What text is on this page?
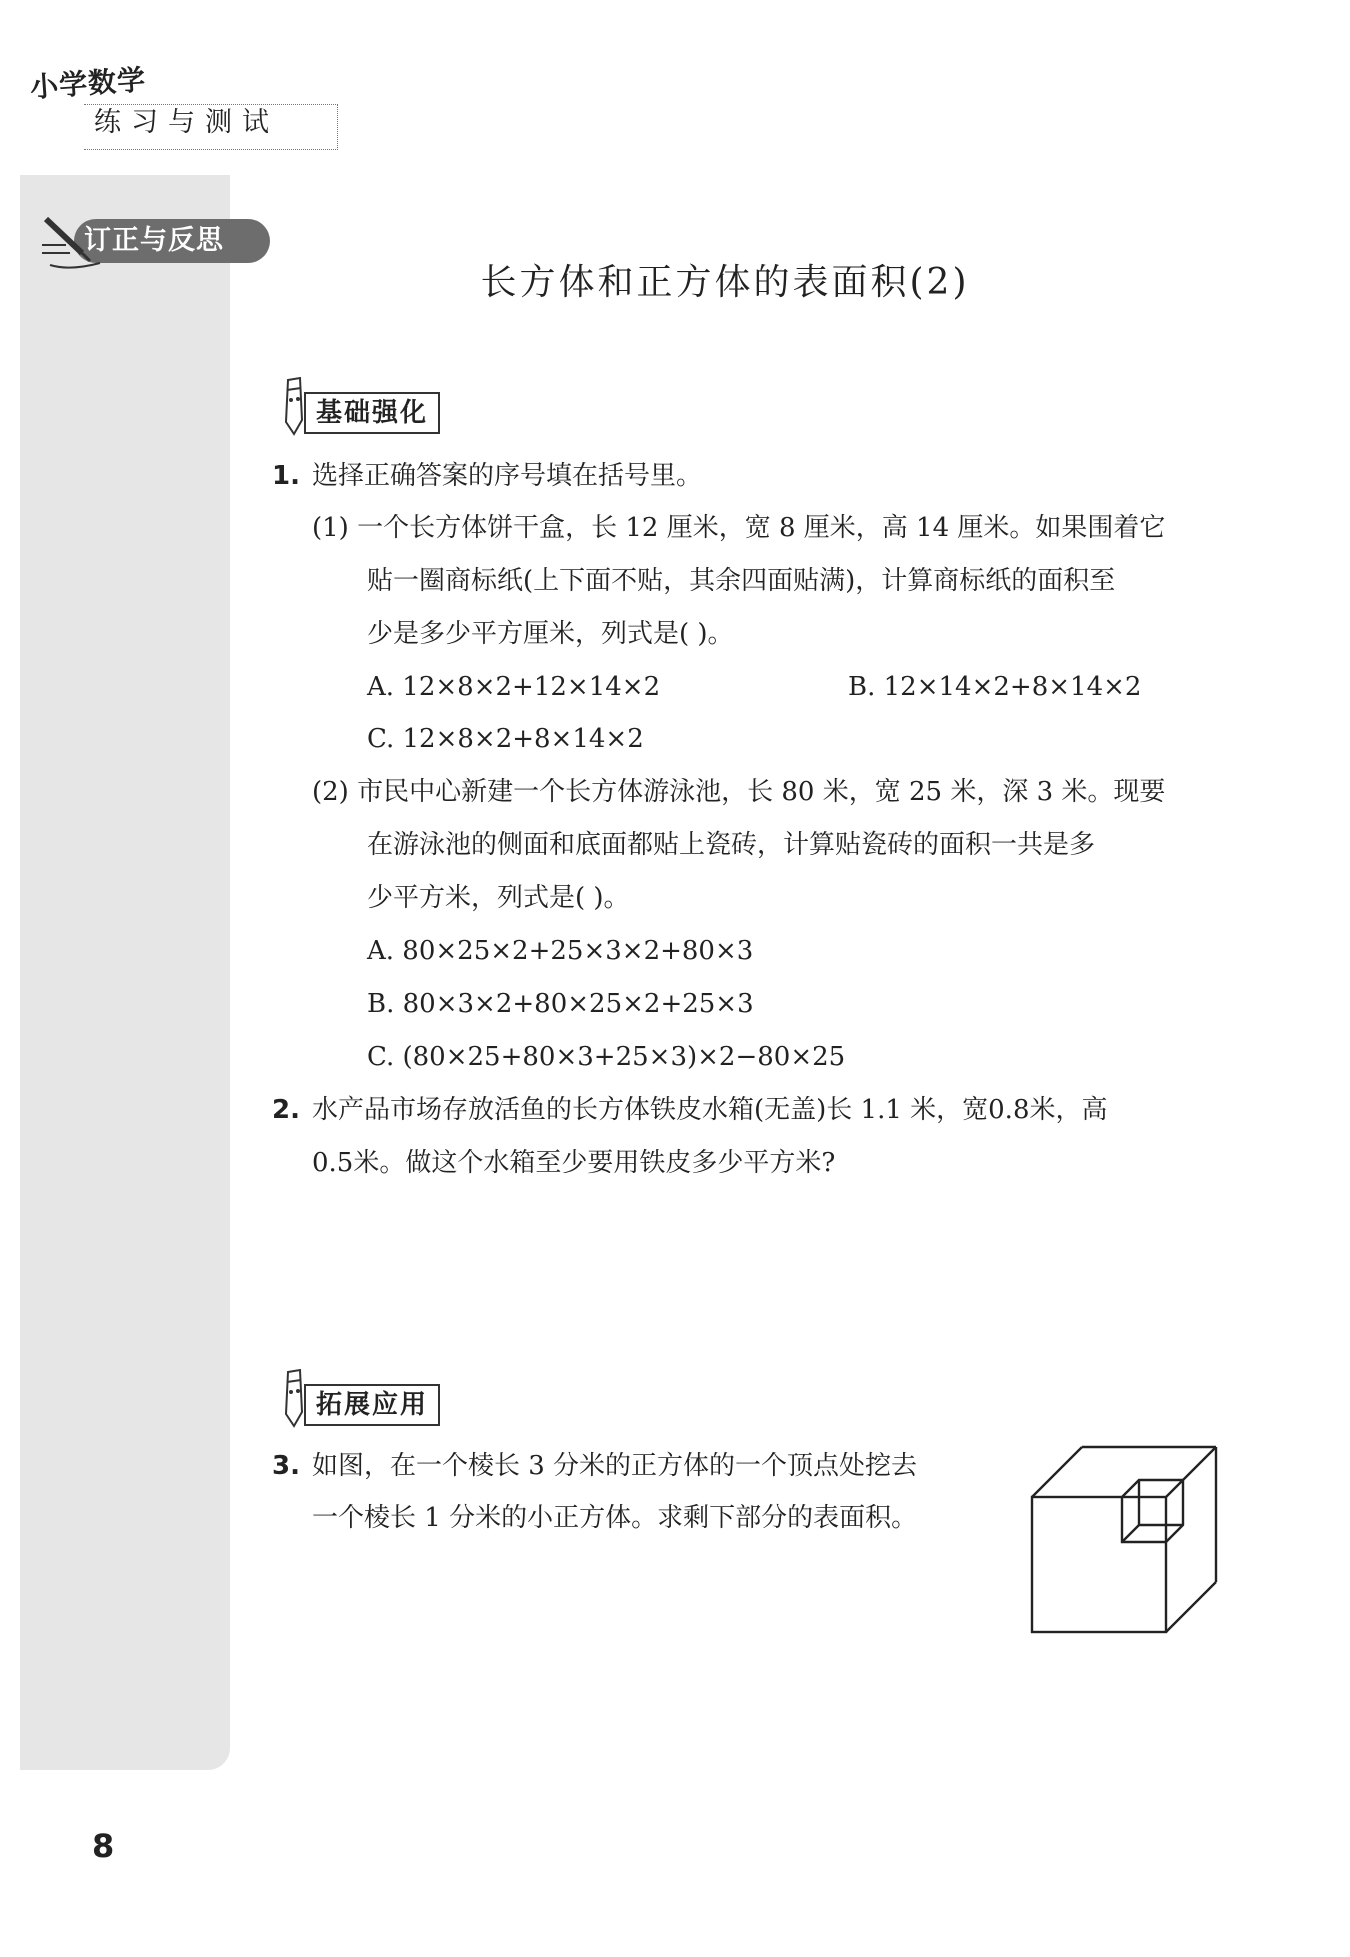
小学数学
练习与测试
订正与反思
长方体和正方体的表面积(2)
基础强化
1. 选择正确答案的序号填在括号里。
(1) 一个长方体饼干盒，长 12 厘米，宽 8 厘米，高 14 厘米。如果围着它
贴一圈商标纸(上下面不贴，其余四面贴满)，计算商标纸的面积至
少是多少平方厘米，列式是( )。
A. 12×8×2+12×14×2	B. 12×14×2+8×14×2
C. 12×8×2+8×14×2
(2) 市民中心新建一个长方体游泳池，长 80 米，宽 25 米，深 3 米。现要
在游泳池的侧面和底面都贴上瓷砖，计算贴瓷砖的面积一共是多
少平方米，列式是( )。
A. 80×25×2+25×3×2+80×3
B. 80×3×2+80×25×2+25×3
C. (80×25+80×3+25×3)×2−80×25
2. 水产品市场存放活鱼的长方体铁皮水箱(无盖)长 1.1 米，宽0.8米，高
0.5米。做这个水箱至少要用铁皮多少平方米?
拓展应用
3. 如图，在一个棱长 3 分米的正方体的一个顶点处挖去
一个棱长 1 分米的小正方体。求剩下部分的表面积。
8
